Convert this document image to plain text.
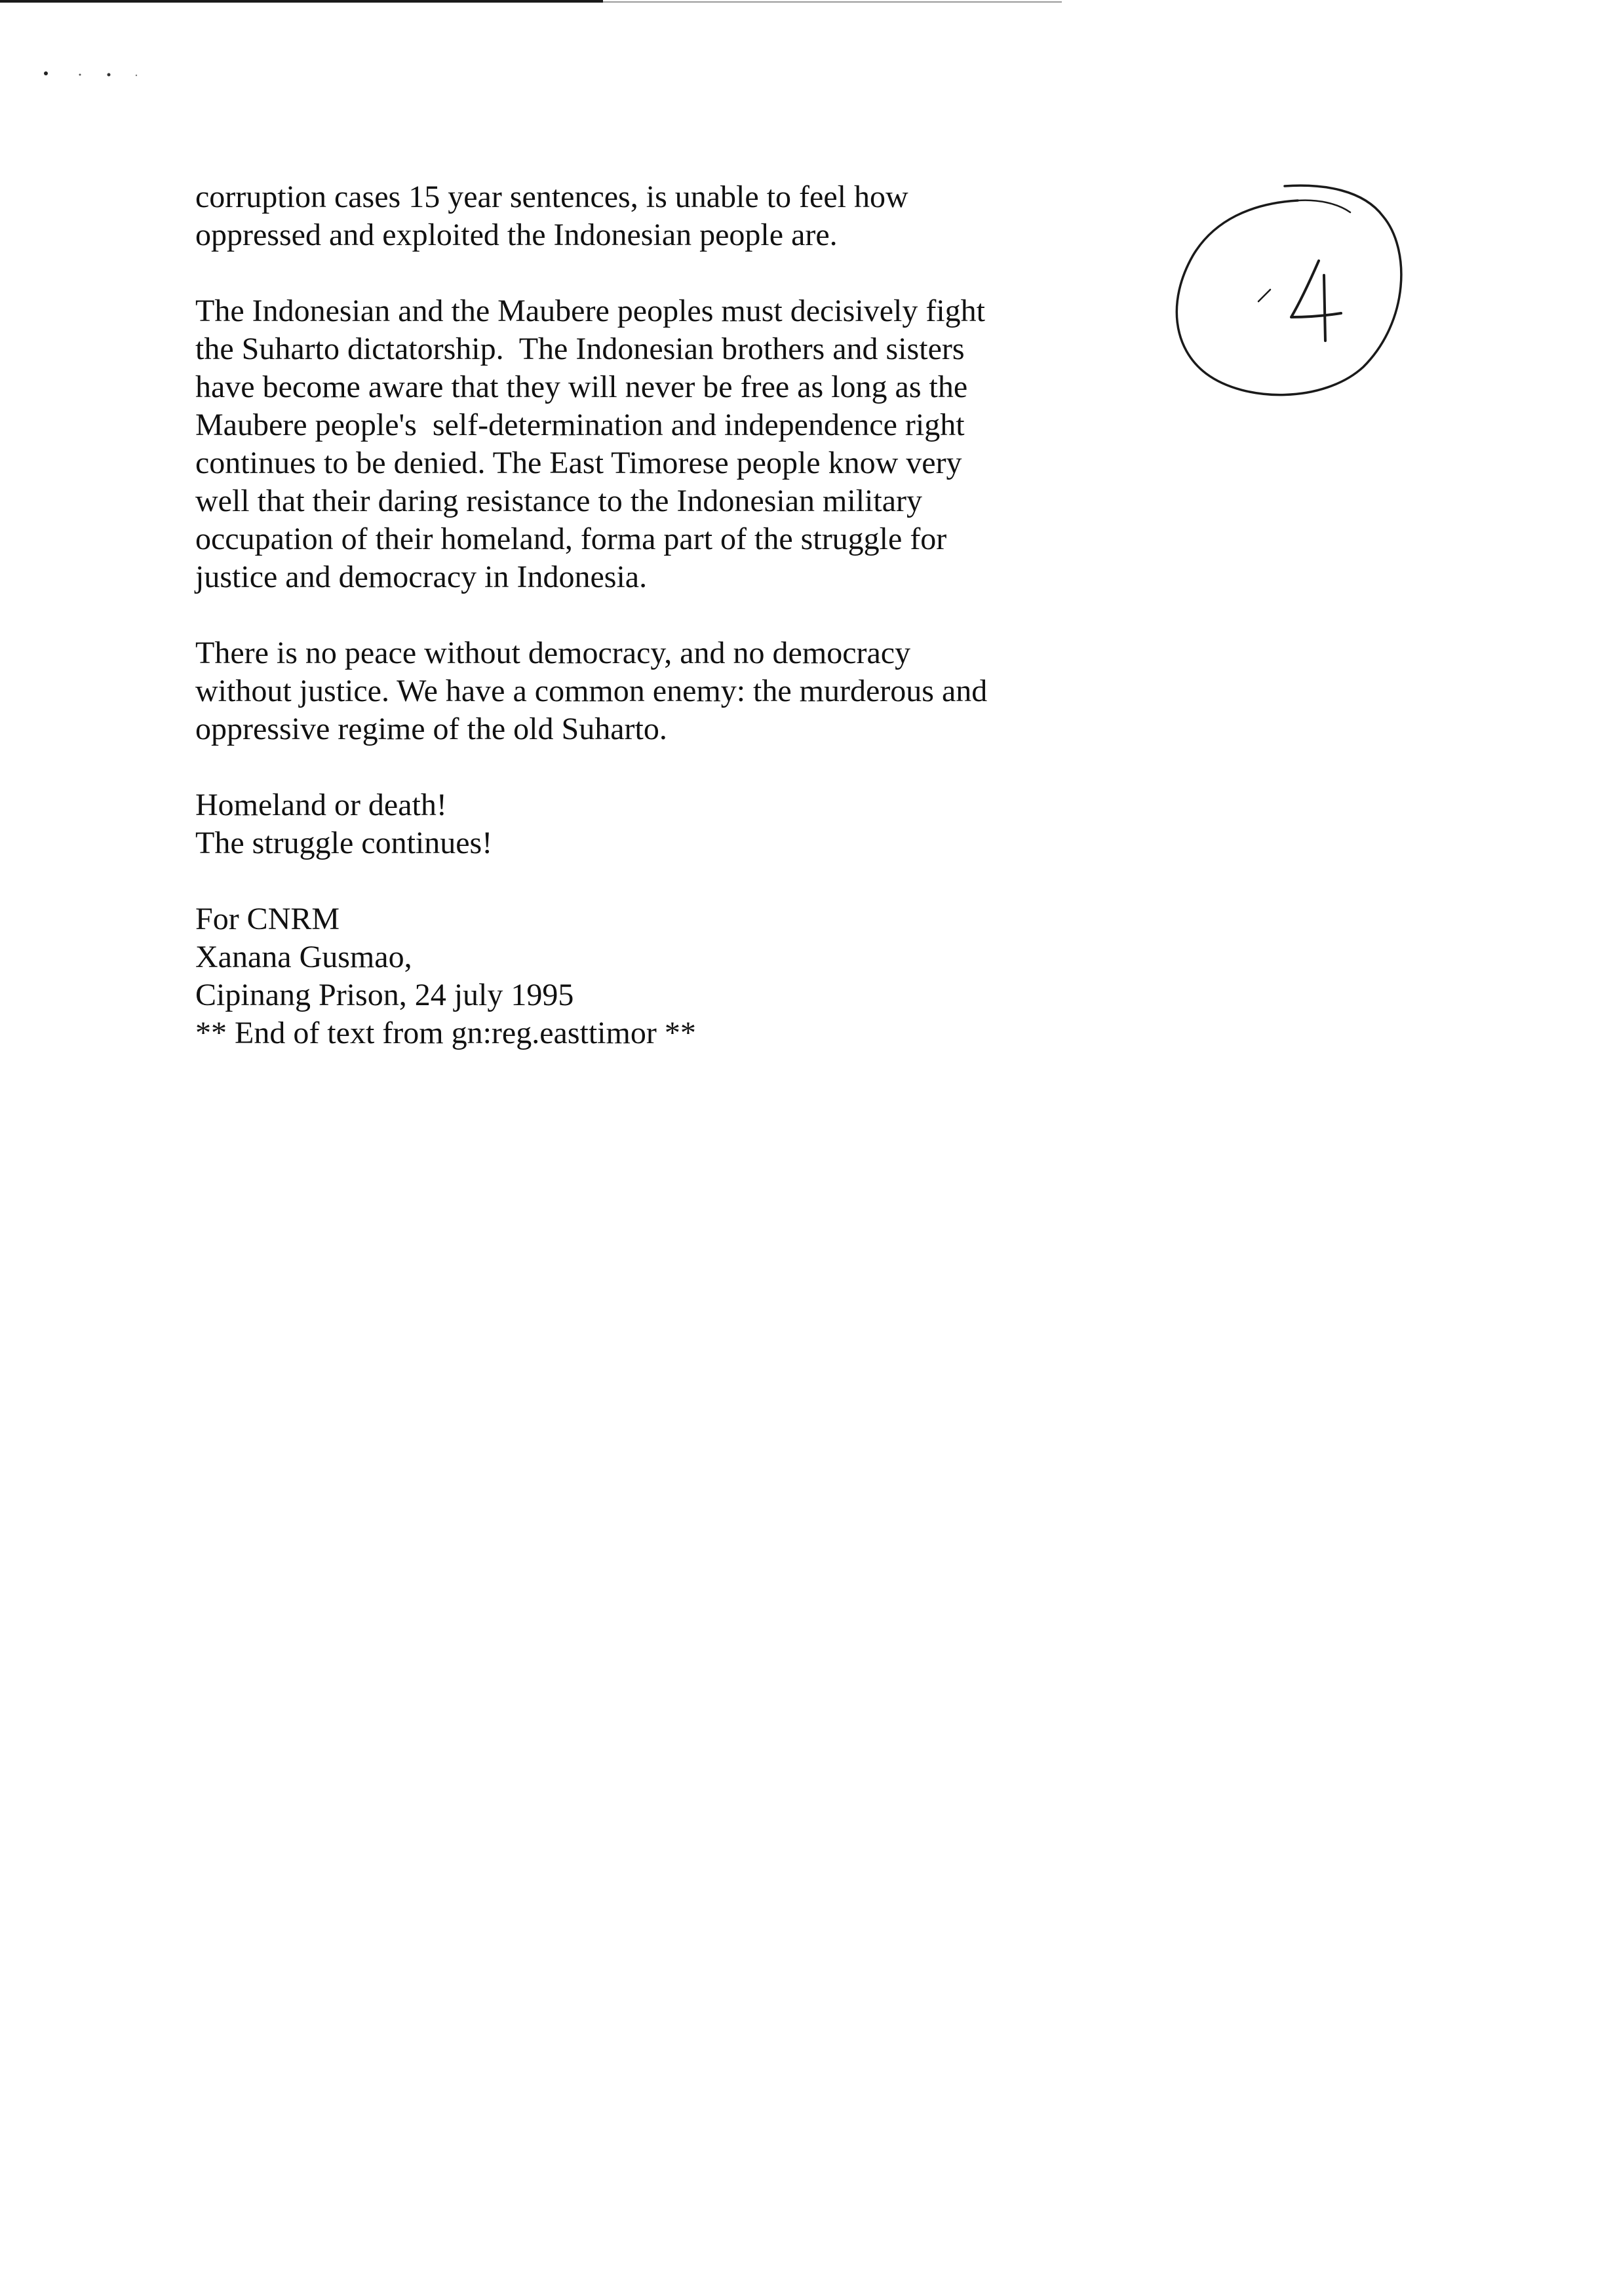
corruption cases 15 year sentences, is unable to feel how
oppressed and exploited the Indonesian people are.

The Indonesian and the Maubere peoples must decisively fight
the Suharto dictatorship.  The Indonesian brothers and sisters
have become aware that they will never be free as long as the
Maubere people's  self-determination and independence right
continues to be denied. The East Timorese people know very
well that their daring resistance to the Indonesian military
occupation of their homeland, forma part of the struggle for
justice and democracy in Indonesia.

There is no peace without democracy, and no democracy
without justice. We have a common enemy: the murderous and
oppressive regime of the old Suharto.

Homeland or death!
The struggle continues!

For CNRM
Xanana Gusmao,
Cipinang Prison, 24 july 1995
** End of text from gn:reg.easttimor **
